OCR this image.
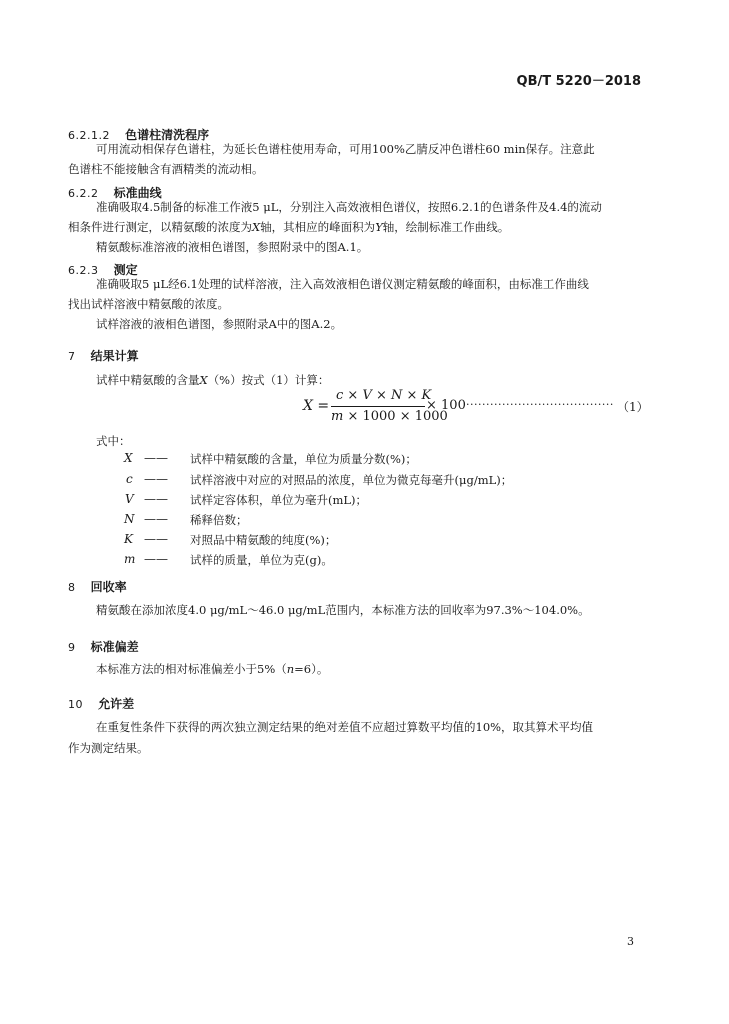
QB/T 5220－2018
6.2.1.2 色谱柱清洗程序
可用流动相保存色谱柱，为延长色谱柱使用寿命，可用100%乙腈反冲色谱柱60 min保存。注意此
色谱柱不能接触含有酒精类的流动相。
6.2.2 标准曲线
准确吸取4.5制备的标准工作液5 μL，分别注入高效液相色谱仪，按照6.2.1的色谱条件及4.4的流动
相条件进行测定，以精氨酸的浓度为X轴，其相应的峰面积为Y轴，绘制标准工作曲线。
精氨酸标准溶液的液相色谱图，参照附录中的图A.1。
6.2.3 测定
准确吸取5 μL经6.1处理的试样溶液，注入高效液相色谱仪测定精氨酸的峰面积，由标准工作曲线
找出试样溶液中精氨酸的浓度。
试样溶液的液相色谱图，参照附录A中的图A.2。
7 结果计算
试样中精氨酸的含量X（%）按式（1）计算：
X =
c × V × N × K
m × 1000 × 1000
× 100 ····································· （1）
式中：
X —— 试样中精氨酸的含量，单位为质量分数(%)；
c —— 试样溶液中对应的对照品的浓度，单位为微克每毫升(μg/mL)；
V —— 试样定容体积，单位为毫升(mL)；
N —— 稀释倍数；
K —— 对照品中精氨酸的纯度(%)；
m —— 试样的质量，单位为克(g)。
8 回收率
精氨酸在添加浓度4.0 μg/mL～46.0 μg/mL范围内，本标准方法的回收率为97.3%～104.0%。
9 标准偏差
本标准方法的相对标准偏差小于5%（n=6）。
10 允许差
在重复性条件下获得的两次独立测定结果的绝对差值不应超过算数平均值的10%，取其算术平均值
作为测定结果。
3
